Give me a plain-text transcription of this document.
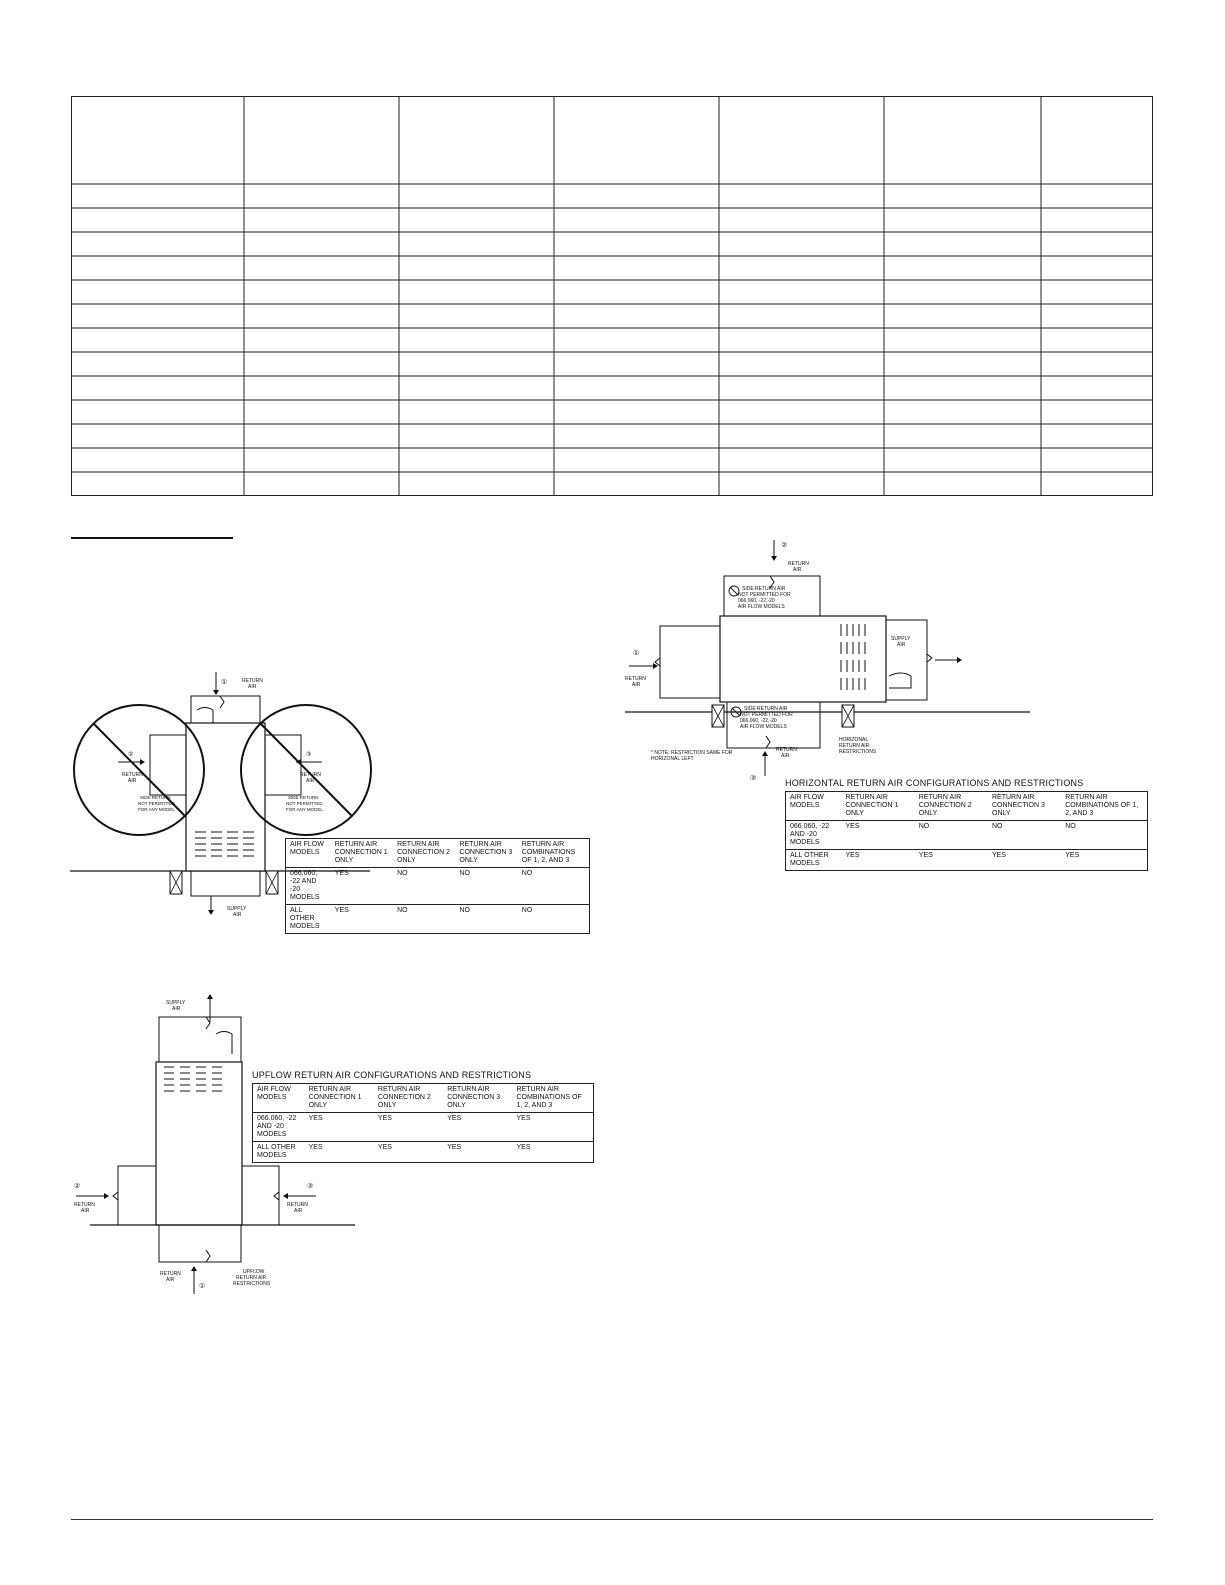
①	RETURN
AIR
SUPPLY
AIR
②
RETURN
AIR
SIDE RETURN
NOT PERMITTED
FOR ANY MODEL
③
RETURN
AIR
SIDE RETURN
NOT PERMITTED
FOR ANY MODEL
AIR FLOW MODELS	RETURN AIR CONNECTION 1 ONLY	RETURN AIR CONNECTION 2 ONLY	RETURN AIR CONNECTION 3 ONLY	RETURN AIR COMBINATIONS OF 1, 2, AND 3
066.060, -22 AND -20 MODELS	YES	NO	NO	NO
ALL OTHER MODELS	YES	NO	NO	NO
②
RETURN
AIR
SIDE RETURN AIR
NOT PERMITTED FOR
066.060, -22,-20
AIR FLOW MODELS
①
RETURN
AIR
SUPPLY
AIR
SIDE RETURN AIR
NOT PERMITTED FOR
066.060, -22,-20
AIR FLOW MODELS
③
RETURN
AIR
* NOTE; RESTRICTION SAME FOR
HORIZONAL LEFT
HORIZONAL
RETURN AIR
RESTRICTIONS
HORIZONTAL RETURN AIR CONFIGURATIONS AND RESTRICTIONS
AIR FLOW MODELS	RETURN AIR CONNECTION 1 ONLY	RETURN AIR CONNECTION 2 ONLY	RETURN AIR CONNECTION 3 ONLY	RETURN AIR COMBINATIONS OF 1, 2, AND 3
066.060, -22 AND -20 MODELS	YES	NO	NO	NO
ALL OTHER MODELS	YES	YES	YES	YES
SUPPLY
AIR
②
RETURN
AIR
③
RETURN
AIR
①
RETURN
AIR
UPFLOW
RETURN AIR
RESTRICTIONS
UPFLOW RETURN AIR CONFIGURATIONS AND RESTRICTIONS
AIR FLOW MODELS	RETURN AIR CONNECTION 1 ONLY	RETURN AIR CONNECTION 2 ONLY	RETURN AIR CONNECTION 3 ONLY	RETURN AIR COMBINATIONS OF 1, 2, AND 3
066.060, -22 AND -20 MODELS	YES	YES	YES	YES
ALL OTHER MODELS	YES	YES	YES	YES
